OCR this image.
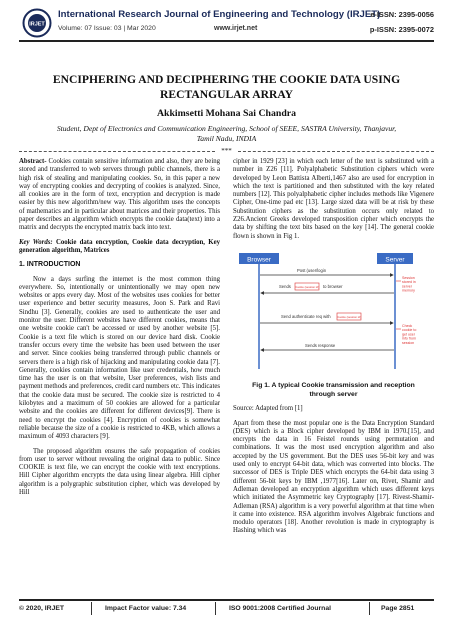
IRJET
International Research Journal of Engineering and Technology (IRJET)
Volume: 07 Issue: 03 | Mar 2020	www.irjet.net
e-ISSN: 2395-0056
p-ISSN: 2395-0072
ENCIPHERING AND DECIPHERING THE COOKIE DATA USING
RECTANGULAR ARRAY
Akkimsetti Mohana Sai Chandra
Student, Dept of Electronics and Communication Engineering, School of SEEE, SASTRA University, Thanjavur,
Tamil Nadu, INDIA
***

Abstract- Cookies contain sensitive information and also, they are being stored and transferred to web servers through public channels, there is a high risk of stealing and manipulating cookies. So, in this paper a new way of encrypting cookies and decrypting of cookies is analyzed. Since, all cookies are in the form of text, encryption and decryption is made easier by this new algorithm/new way. This algorithm uses the concepts of mathematics and in particular about matrices and their properties. This paper describes an algorithm which encrypts the cookie data(text) into a matrix and decrypts the encrypted matrix back into text.

Key Words: Cookie data encryption, Cookie data decryption, Key generation algorithm, Matrices

1. INTRODUCTION

Now a days surfing the internet is the most common thing everywhere. So, intentionally or unintentionally we may open new websites or apps every day. Most of the websites uses cookies for better user experience and better security measures, Joon S. Park and Ravi Sindhu [3]. Generally, cookies are used to authenticate the user and monitor the user. Different websites have different cookies, means that one website cookie can't be accessed or used by another website [5]. Cookie is a text file which is stored on our device hard disk. Cookie transfer occurs every time the website has been used between the user and server. Since cookies being transferred through public channels or servers there is a high risk of hijacking and manipulating cookie data [7]. Generally, cookies contain information like user credentials, how much time has the user is on that website, User preferences, wish lists and payment methods and preferences, credit card numbers etc. This indicates that the cookie data must be secured. The cookie size is restricted to 4 kilobytes and a maximum of 50 cookies are allowed for a particular website and the cookies are different for different devices[9]. There is need to encrypt the cookies [4]. Encryption of cookies is somewhat reliable because the size of a cookie is restricted to 4KB, which allows a maximum of 4093 characters [9].

The proposed algorithm ensures the safe propagation of cookies from user to server without revealing the original data to public. Since COOKIE is text file, we can encrypt the cookie with text encryptions. Hill Cipher algorithm encrypts the data using linear algebra. Hill cipher algorithm is a polygraphic substitution cipher, which was developed by Hill

cipher in 1929 [23] in which each letter of the text is substituted with a number in Z26 [11]. Polyalphabetic Substitution ciphers which were developed by Leon Battista Alberti,1467 also are used for encryption in which the text is partitioned and then substituted with the key related numbers [12]. This polyalphabetic cipher includes methods like Vigenere Cipher, One-time pad etc [13]. Large sized data will be at risk by these Substitution ciphers as the substitution occurs only related to Z26.Ancient Greeks developed transposition cipher which encrypts the data by shifting the text bits based on the key [14]. The general cookie flown is shown in Fig 1.

Browser	Server
Post (user/login
Sends Cookie (session id) to browser
Send authenticate req with Cookie (session id)
Sends response
Session stored in server memory
Check cookie to get user info from session
Fig 1. A typical Cookie transmission and reception
through server

Source: Adapted from [1]

Apart from these the most popular one is the Data Encryption Standard (DES) which is a Block cipher developed by IBM in 1970.[15], and encrypts the data in 16 Feistel rounds using permutation and combinations. It was the most used encryption algorithm and also accepted by the US government. But the DES uses 56-bit key and was used only to encrypt 64-bit data, which was converted into blocks. The successor of DES is Triple DES which encrypts the 64-bit data using 3 different 56-bit keys by IBM ,1977[16]. Later on, Rivet, Shamir and Adleman developed an encryption algorithm which uses different keys which initiated the Asymmetric key Cryptography [17]. Rivest-Shamir-Adleman (RSA) algorithm is a very powerful algorithm at that time when it came into existence. RSA algorithm involves Algebraic functions and modulo operators [18]. Another revolution is made in cryptography is Hashing which was

© 2020, IRJET	Impact Factor value: 7.34	ISO 9001:2008 Certified Journal	Page 2851
